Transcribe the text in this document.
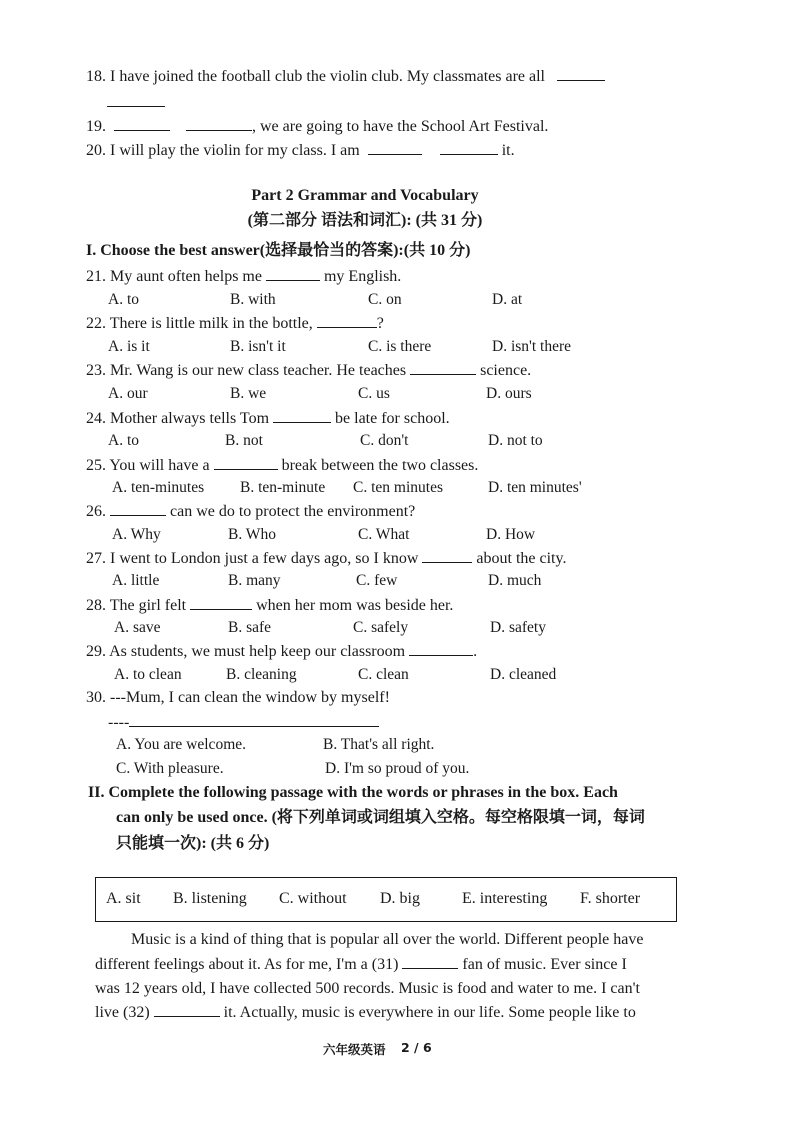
18. I have joined the football club the violin club. My classmates are all
19.	, we are going to have the School Art Festival.
20. I will play the violin for my class. I am	it.
Part 2 Grammar and Vocabulary
(第二部分 语法和词汇): (共 31 分)
I. Choose the best answer(选择最恰当的答案):(共 10 分)
21. My aunt often helps me	my English.
A. to	B. with	C. on	D. at
22. There is little milk in the bottle,	?
A. is it	B. isn't it	C. is there	D. isn't there
23. Mr. Wang is our new class teacher. He teaches	science.
A. our	B. we	C. us	D. ours
24. Mother always tells Tom	be late for school.
A. to	B. not	C. don't	D. not to
25. You will have a	break between the two classes.
A. ten-minutes B. ten-minute C. ten minutes	D. ten minutes'
26.	can we do to protect the environment?
A. Why	B. Who	C. What	D. How
27. I went to London just a few days ago, so I know	about the city.
A. little	B. many	C. few	D. much
28. The girl felt	when her mom was beside her.
A. save	B. safe	C. safely	D. safety
29. As students, we must help keep our classroom	.
A. to clean	B. cleaning	C. clean	D. cleaned
30. ---Mum, I can clean the window by myself!
----
A. You are welcome.	B. That's all right.
C. With pleasure.	D. I'm so proud of you.
II. Complete the following passage with the words or phrases in the box. Each
can only be used once. (将下列单词或词组填入空格。每空格限填一词，每词
只能填一次): (共 6 分)
A. sit B. listening C. without D. big	E. interesting F. shorter
Music is a kind of thing that is popular all over the world. Different people have
different feelings about it. As for me, I'm a (31)	fan of music. Ever since I
was 12 years old, I have collected 500 records. Music is food and water to me. I can't
live (32)	it. Actually, music is everywhere in our life. Some people like to
六年级英语 2 / 6
